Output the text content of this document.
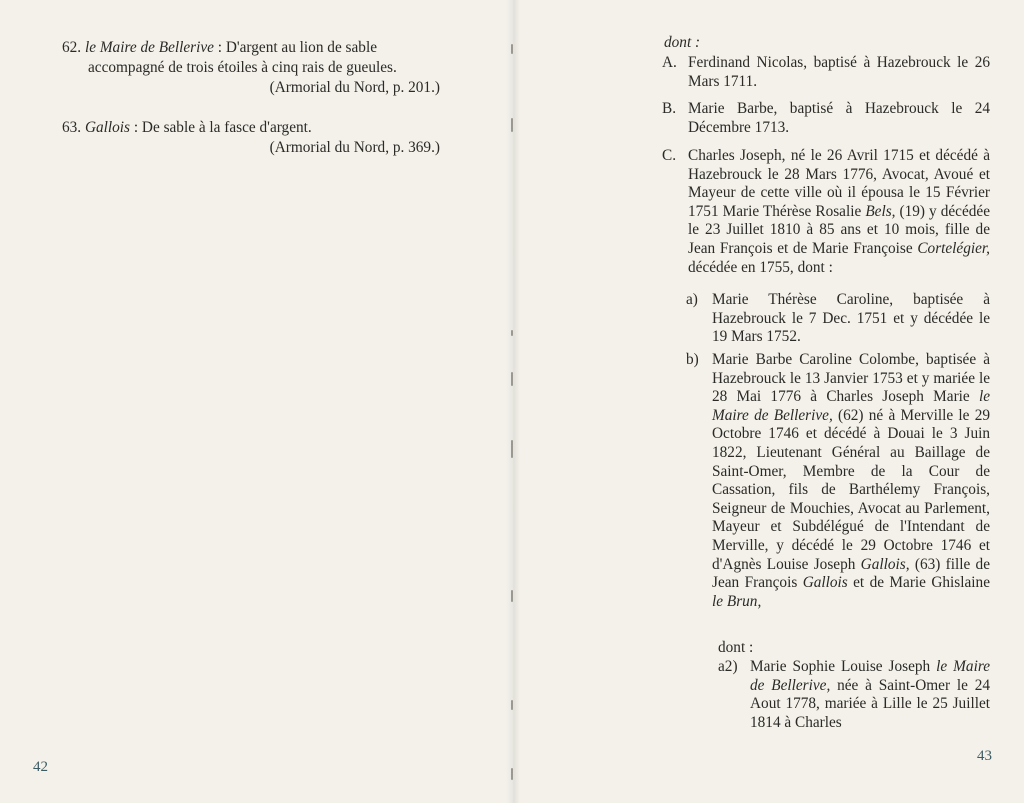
62. le Maire de Bellerive : D'argent au lion de sable accompagné de trois étoiles à cinq rais de gueules.
(Armorial du Nord, p. 201.)
63. Gallois : De sable à la fasce d'argent.
(Armorial du Nord, p. 369.)
42
dont :
A. Ferdinand Nicolas, baptisé à Hazebrouck le 26 Mars 1711.
B. Marie Barbe, baptisé à Hazebrouck le 24 Décembre 1713.
C. Charles Joseph, né le 26 Avril 1715 et décédé à Hazebrouck le 28 Mars 1776, Avocat, Avoué et Mayeur de cette ville où il épousa le 15 Février 1751 Marie Thérèse Rosalie Bels, (19) y décédée le 23 Juillet 1810 à 85 ans et 10 mois, fille de Jean François et de Marie Françoise Cortelégier, décédée en 1755, dont :
a) Marie Thérèse Caroline, baptisée à Hazebrouck le 7 Dec. 1751 et y décédée le 19 Mars 1752.
b) Marie Barbe Caroline Colombe, baptisée à Hazebrouck le 13 Janvier 1753 et y mariée le 28 Mai 1776 à Charles Joseph Marie le Maire de Bellerive, (62) né à Merville le 29 Octobre 1746 et décédé à Douai le 3 Juin 1822, Lieutenant Général au Baillage de Saint-Omer, Membre de la Cour de Cassation, fils de Barthélemy François, Seigneur de Mouchies, Avocat au Parlement, Mayeur et Subdélégué de l'Intendant de Merville, y décédé le 29 Octobre 1746 et d'Agnès Louise Joseph Gallois, (63) fille de Jean François Gallois et de Marie Ghislaine le Brun,
dont :
a2) Marie Sophie Louise Joseph le Maire de Bellerive, née à Saint-Omer le 24 Aout 1778, mariée à Lille le 25 Juillet 1814 à Charles
43
